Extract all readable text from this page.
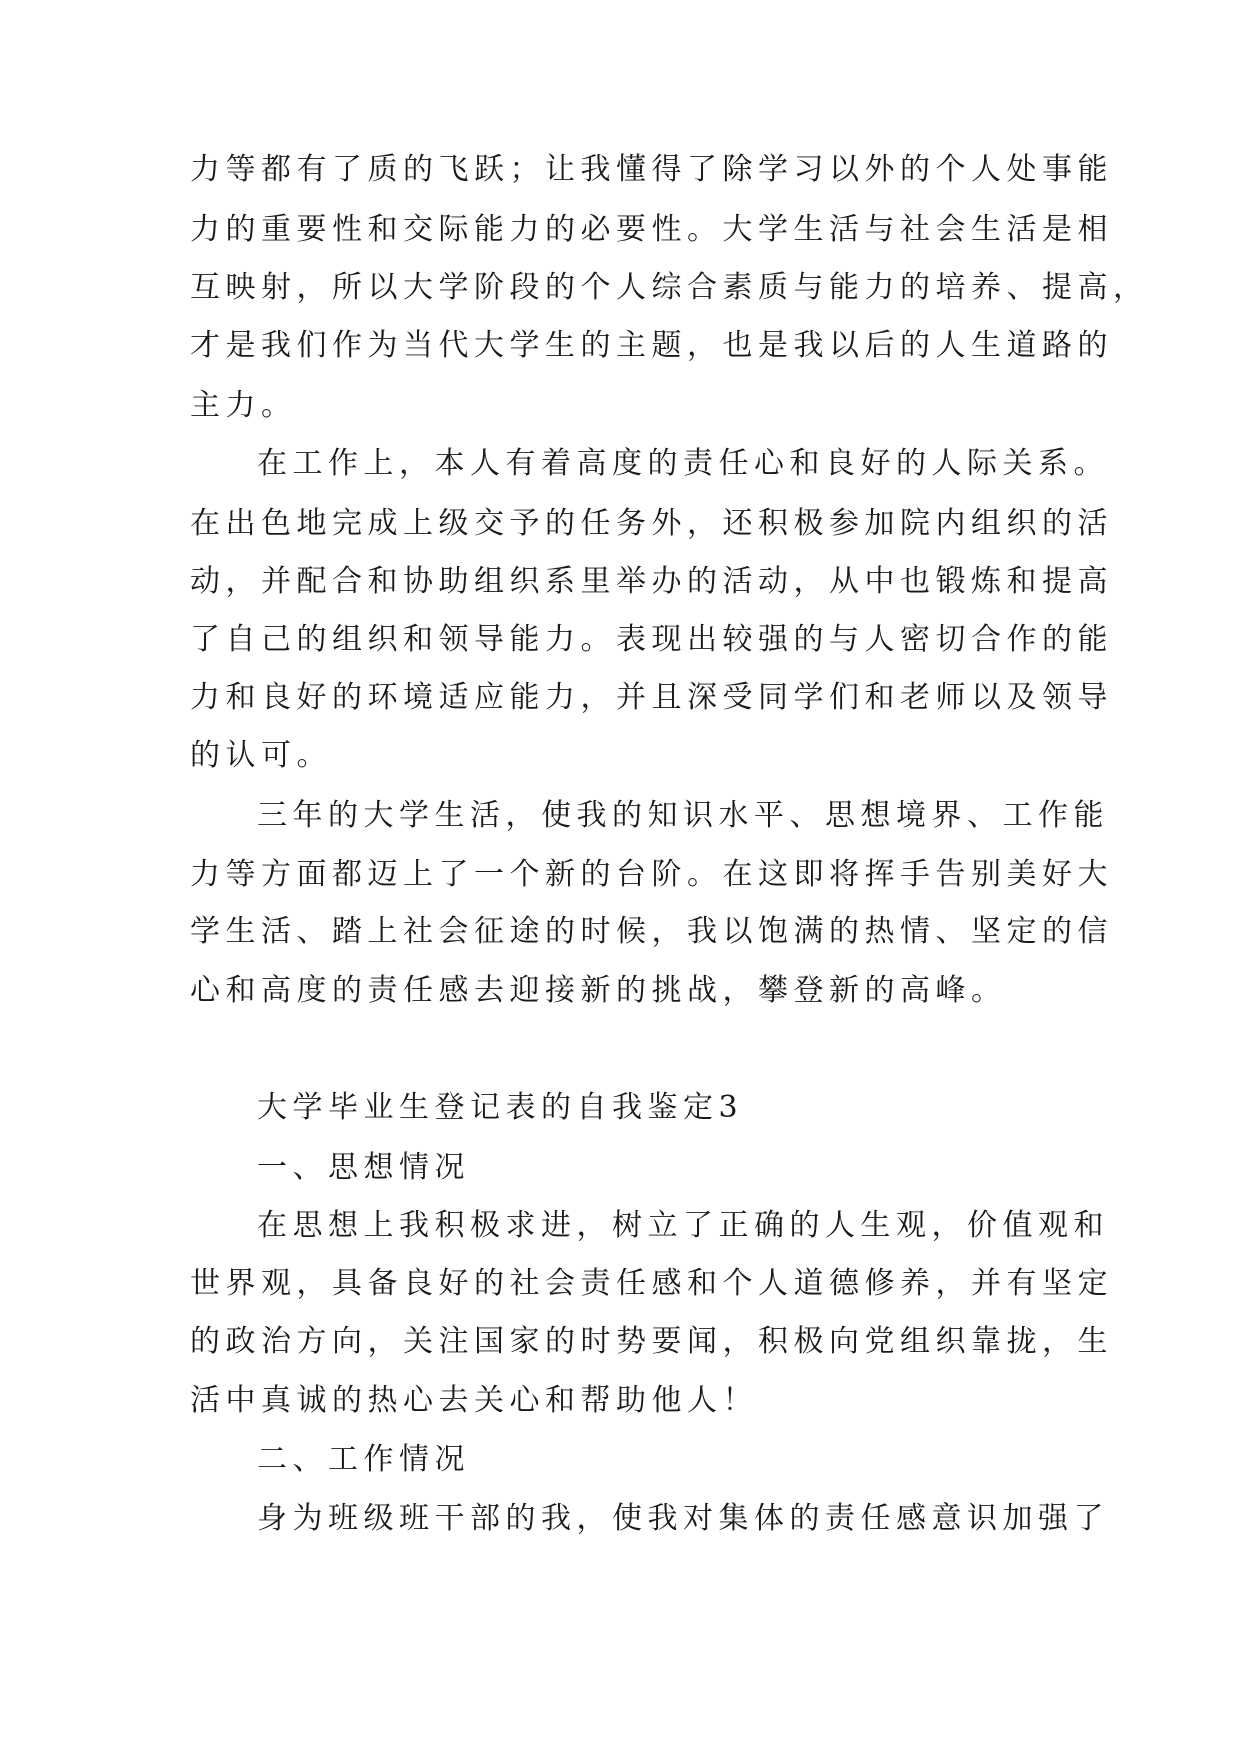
力等都有了质的飞跃；让我懂得了除学习以外的个人处事能

力的重要性和交际能力的必要性。大学生活与社会生活是相

互映射，所以大学阶段的个人综合素质与能力的培养、提高，

才是我们作为当代大学生的主题，也是我以后的人生道路的

主力。

在工作上，本人有着高度的责任心和良好的人际关系。

在出色地完成上级交予的任务外，还积极参加院内组织的活

动，并配合和协助组织系里举办的活动，从中也锻炼和提高

了自己的组织和领导能力。表现出较强的与人密切合作的能

力和良好的环境适应能力，并且深受同学们和老师以及领导

的认可。

三年的大学生活，使我的知识水平、思想境界、工作能

力等方面都迈上了一个新的台阶。在这即将挥手告别美好大

学生活、踏上社会征途的时候，我以饱满的热情、坚定的信

心和高度的责任感去迎接新的挑战，攀登新的高峰。

大学毕业生登记表的自我鉴定3

一、思想情况

在思想上我积极求进，树立了正确的人生观，价值观和

世界观，具备良好的社会责任感和个人道德修养，并有坚定

的政治方向，关注国家的时势要闻，积极向党组织靠拢，生

活中真诚的热心去关心和帮助他人！

二、工作情况

身为班级班干部的我，使我对集体的责任感意识加强了
